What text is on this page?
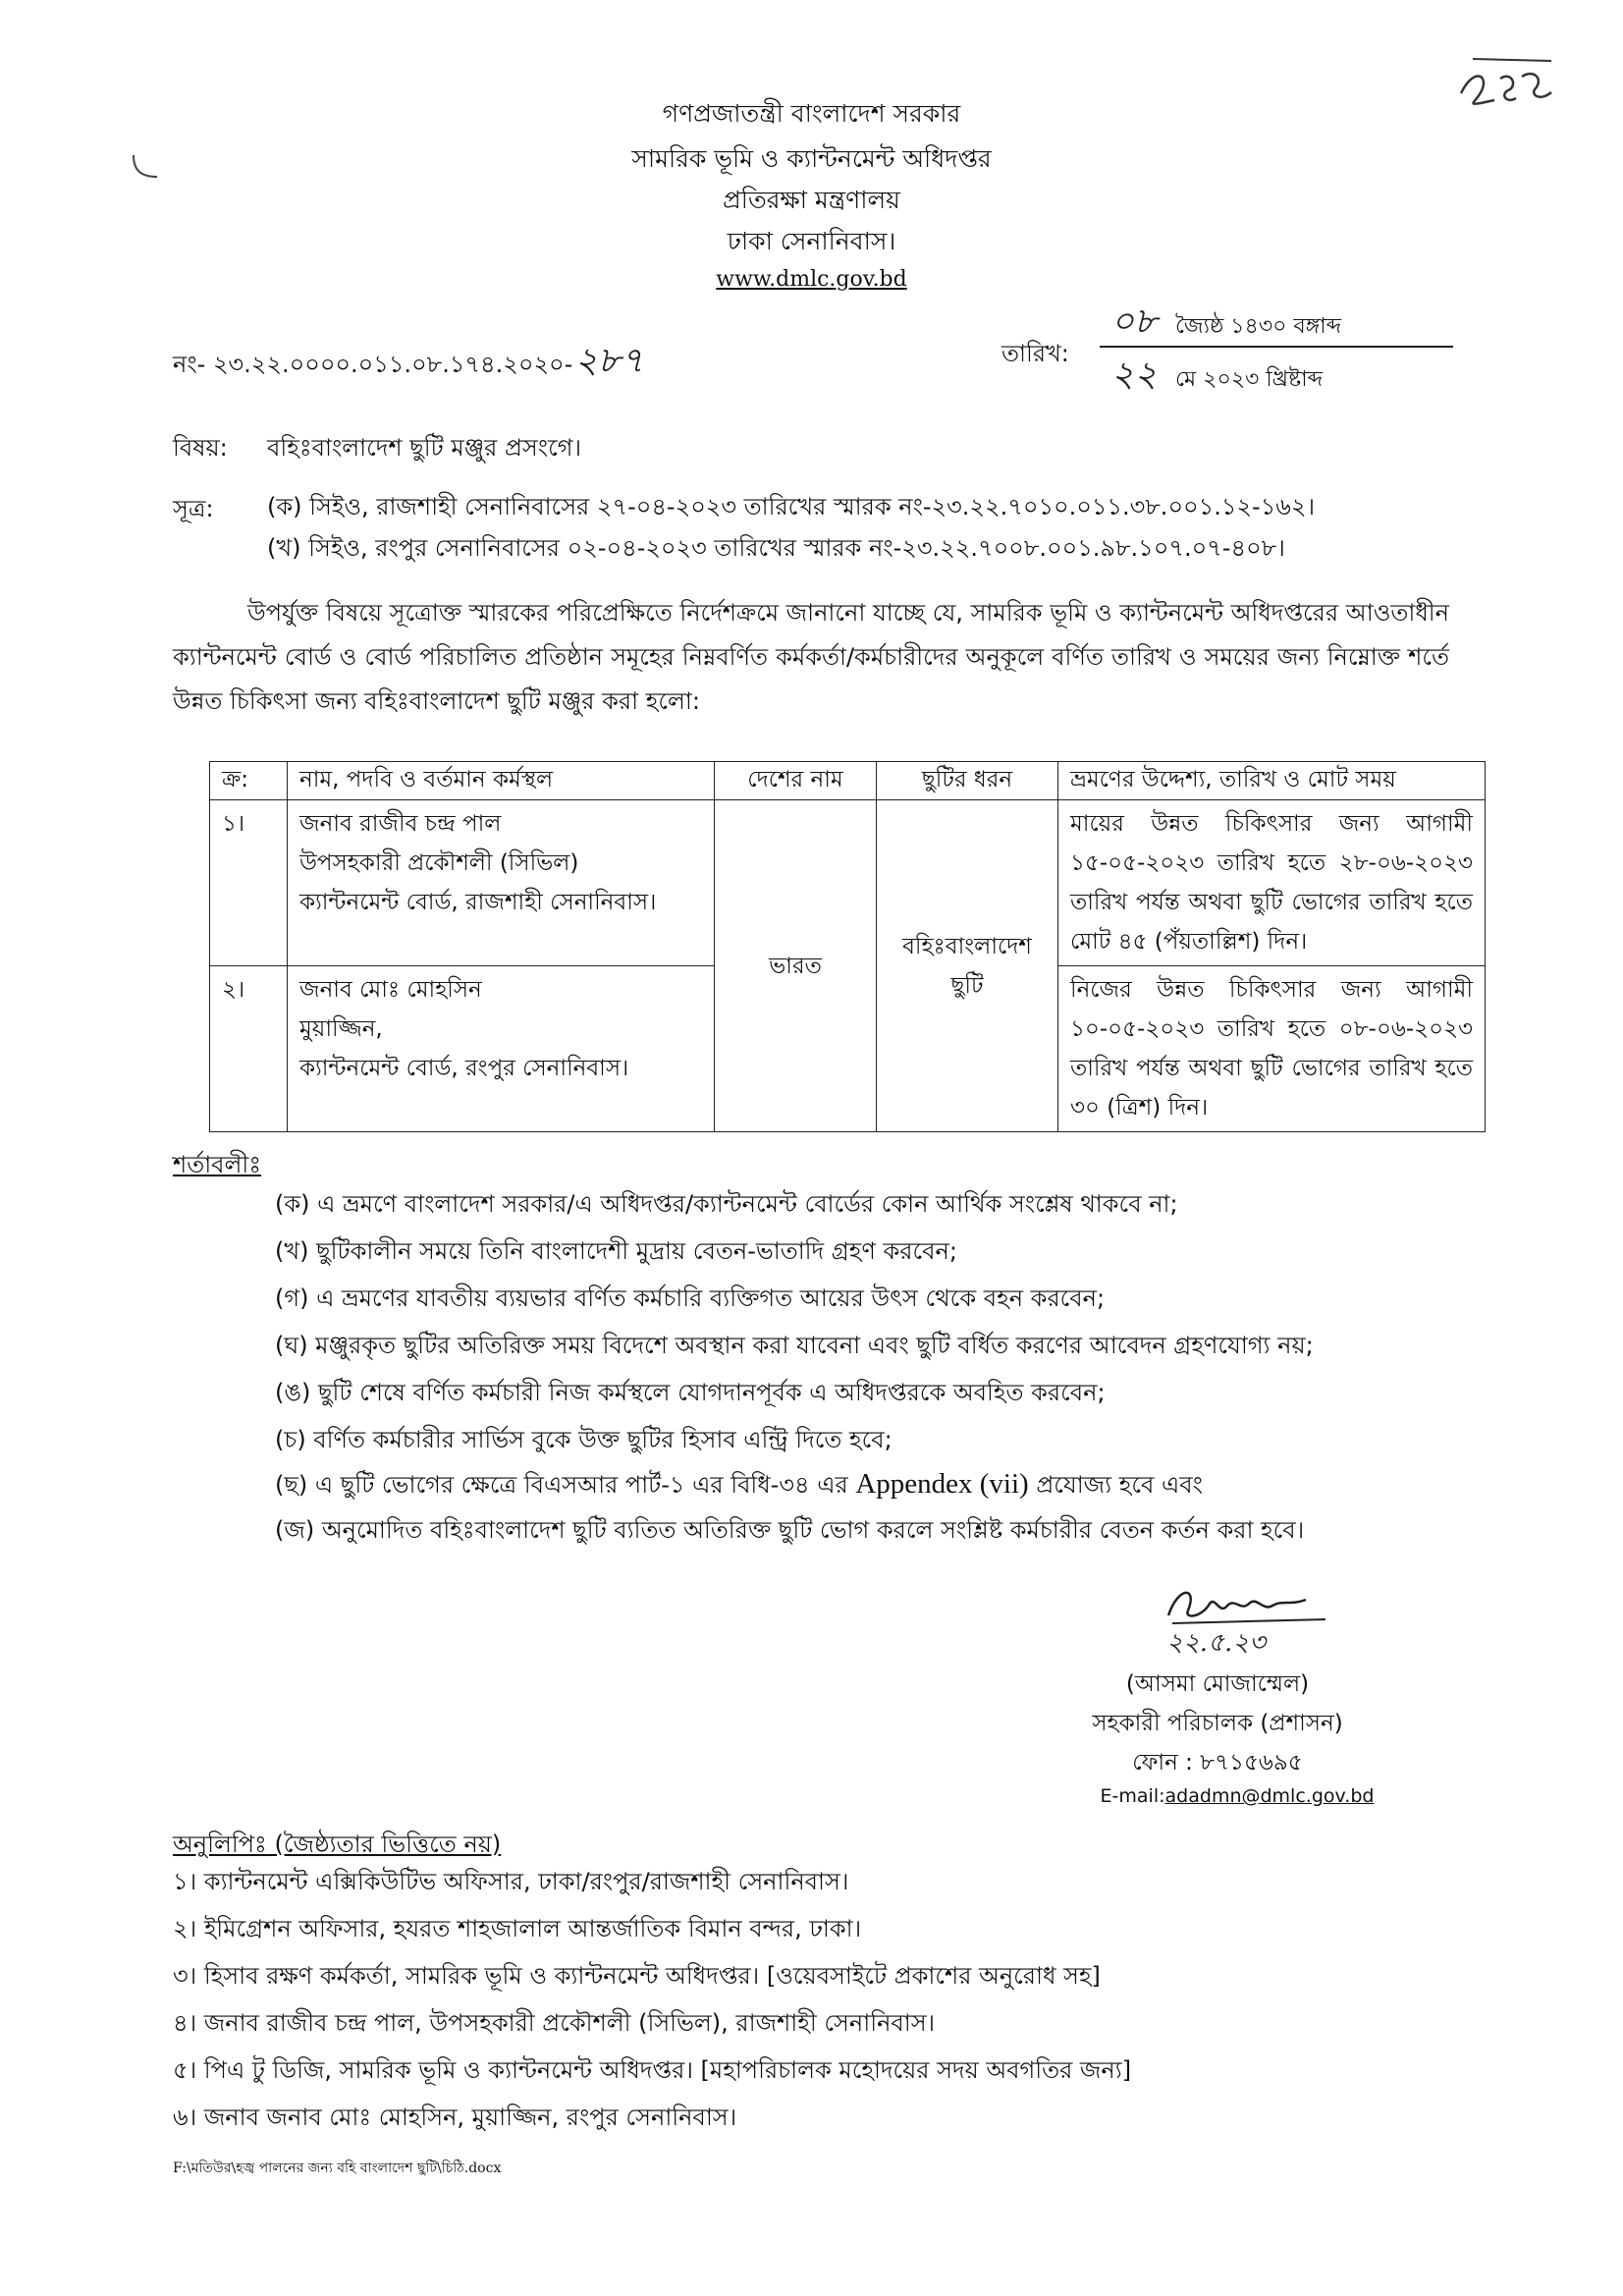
গণপ্রজাতন্ত্রী বাংলাদেশ সরকার
সামরিক ভূমি ও ক্যান্টনমেন্ট অধিদপ্তর
প্রতিরক্ষা মন্ত্রণালয়
ঢাকা সেনানিবাস।
www.dmlc.gov.bd
নং- ২৩.২২.০০০০.০১১.০৮.১৭৪.২০২০-২৮৭	তারিখ:
০৮ জ্যৈষ্ঠ ১৪৩০ বঙ্গাব্দ
২২ মে ২০২৩ খ্রিষ্টাব্দ
বিষয়: বহিঃবাংলাদেশ ছুটি মঞ্জুর প্রসংগে।
সূত্র: (ক) সিইও, রাজশাহী সেনানিবাসের ২৭-০৪-২০২৩ তারিখের স্মারক নং-২৩.২২.৭০১০.০১১.৩৮.০০১.১২-১৬২।
(খ) সিইও, রংপুর সেনানিবাসের ০২-০৪-২০২৩ তারিখের স্মারক নং-২৩.২২.৭০০৮.০০১.৯৮.১০৭.০৭-৪০৮।
উপর্যুক্ত বিষয়ে সূত্রোক্ত স্মারকের পরিপ্রেক্ষিতে নির্দেশক্রমে জানানো যাচ্ছে যে, সামরিক ভূমি ও ক্যান্টনমেন্ট অধিদপ্তরের আওতাধীন ক্যান্টনমেন্ট বোর্ড ও বোর্ড পরিচালিত প্রতিষ্ঠান সমূহের নিম্নবর্ণিত কর্মকর্তা/কর্মচারীদের অনুকূলে বর্ণিত তারিখ ও সময়ের জন্য নিম্নোক্ত শর্তে উন্নত চিকিৎসা জন্য বহিঃবাংলাদেশ ছুটি মঞ্জুর করা হলো:
ক্র:	নাম, পদবি ও বর্তমান কর্মস্থল	দেশের নাম	ছুটির ধরন	ভ্রমণের উদ্দেশ্য, তারিখ ও মোট সময়
১।	জনাব রাজীব চন্দ্র পাল
উপসহকারী প্রকৌশলী (সিভিল)
ক্যান্টনমেন্ট বোর্ড, রাজশাহী সেনানিবাস।	ভারত	বহিঃবাংলাদেশ ছুটি	মায়ের উন্নত চিকিৎসার জন্য আগামী ১৫-০৫-২০২৩ তারিখ হতে ২৮-০৬-২০২৩ তারিখ পর্যন্ত অথবা ছুটি ভোগের তারিখ হতে মোট ৪৫ (পঁয়তাল্লিশ) দিন।
২।	জনাব মোঃ মোহসিন
মুয়াজ্জিন,
ক্যান্টনমেন্ট বোর্ড, রংপুর সেনানিবাস।			নিজের উন্নত চিকিৎসার জন্য আগামী ১০-০৫-২০২৩ তারিখ হতে ০৮-০৬-২০২৩ তারিখ পর্যন্ত অথবা ছুটি ভোগের তারিখ হতে ৩০ (ত্রিশ) দিন।
শর্তাবলীঃ
(ক) এ ভ্রমণে বাংলাদেশ সরকার/এ অধিদপ্তর/ক্যান্টনমেন্ট বোর্ডের কোন আর্থিক সংশ্লেষ থাকবে না;
(খ) ছুটিকালীন সময়ে তিনি বাংলাদেশী মুদ্রায় বেতন-ভাতাদি গ্রহণ করবেন;
(গ) এ ভ্রমণের যাবতীয় ব্যয়ভার বর্ণিত কর্মচারি ব্যক্তিগত আয়ের উৎস থেকে বহন করবেন;
(ঘ) মঞ্জুরকৃত ছুটির অতিরিক্ত সময় বিদেশে অবস্থান করা যাবেনা এবং ছুটি বর্ধিত করণের আবেদন গ্রহণযোগ্য নয়;
(ঙ) ছুটি শেষে বর্ণিত কর্মচারী নিজ কর্মস্থলে যোগদানপূর্বক এ অধিদপ্তরকে অবহিত করবেন;
(চ) বর্ণিত কর্মচারীর সার্ভিস বুকে উক্ত ছুটির হিসাব এন্ট্রি দিতে হবে;
(ছ) এ ছুটি ভোগের ক্ষেত্রে বিএসআর পার্ট-১ এর বিধি-৩৪ এর Appendex (vii) প্রযোজ্য হবে এবং
(জ) অনুমোদিত বহিঃবাংলাদেশ ছুটি ব্যতিত অতিরিক্ত ছুটি ভোগ করলে সংশ্লিষ্ট কর্মচারীর বেতন কর্তন করা হবে।
২২.৫.২৩
(আসমা মোজাম্মেল)
সহকারী পরিচালক (প্রশাসন)
ফোন : ৮৭১৫৬৯৫
E-mail:adadmn@dmlc.gov.bd
অনুলিপিঃ (জৈষ্ঠ্যতার ভিত্তিতে নয়)
১। ক্যান্টনমেন্ট এক্সিকিউটিভ অফিসার, ঢাকা/রংপুর/রাজশাহী সেনানিবাস।
২। ইমিগ্রেশন অফিসার, হযরত শাহজালাল আন্তর্জাতিক বিমান বন্দর, ঢাকা।
৩। হিসাব রক্ষণ কর্মকর্তা, সামরিক ভূমি ও ক্যান্টনমেন্ট অধিদপ্তর। [ওয়েবসাইটে প্রকাশের অনুরোধ সহ]
৪। জনাব রাজীব চন্দ্র পাল, উপসহকারী প্রকৌশলী (সিভিল), রাজশাহী সেনানিবাস।
৫। পিএ টু ডিজি, সামরিক ভূমি ও ক্যান্টনমেন্ট অধিদপ্তর। [মহাপরিচালক মহোদয়ের সদয় অবগতির জন্য]
৬। জনাব জনাব মোঃ মোহসিন, মুয়াজ্জিন, রংপুর সেনানিবাস।
F:\মতিউর\হজ্ব পালনের জন্য বহি বাংলাদেশ ছুটি\চিঠি.docx
